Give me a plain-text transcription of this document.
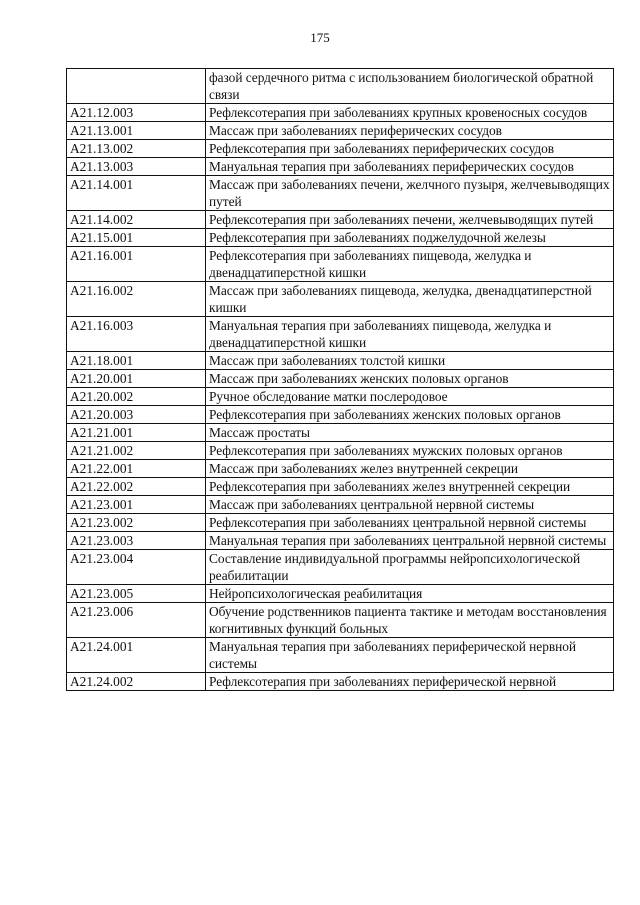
175
	фазой сердечного ритма с использованием биологической обратной связи
A21.12.003	Рефлексотерапия при заболеваниях крупных кровеносных сосудов
A21.13.001	Массаж при заболеваниях периферических сосудов
A21.13.002	Рефлексотерапия при заболеваниях периферических сосудов
A21.13.003	Мануальная терапия при заболеваниях периферических сосудов
A21.14.001	Массаж при заболеваниях печени, желчного пузыря, желчевыводящих путей
A21.14.002	Рефлексотерапия при заболеваниях печени, желчевыводящих путей
A21.15.001	Рефлексотерапия при заболеваниях поджелудочной железы
A21.16.001	Рефлексотерапия при заболеваниях пищевода, желудка и двенадцатиперстной кишки
A21.16.002	Массаж при заболеваниях пищевода, желудка, двенадцатиперстной кишки
A21.16.003	Мануальная терапия при заболеваниях пищевода, желудка и двенадцатиперстной кишки
A21.18.001	Массаж при заболеваниях толстой кишки
A21.20.001	Массаж при заболеваниях женских половых органов
A21.20.002	Ручное обследование матки послеродовое
A21.20.003	Рефлексотерапия при заболеваниях женских половых органов
A21.21.001	Массаж простаты
A21.21.002	Рефлексотерапия при заболеваниях мужских половых органов
A21.22.001	Массаж при заболеваниях желез внутренней секреции
A21.22.002	Рефлексотерапия при заболеваниях желез внутренней секреции
A21.23.001	Массаж при заболеваниях центральной нервной системы
A21.23.002	Рефлексотерапия при заболеваниях центральной нервной системы
A21.23.003	Мануальная терапия при заболеваниях центральной нервной системы
A21.23.004	Составление индивидуальной программы нейропсихологической реабилитации
A21.23.005	Нейропсихологическая реабилитация
A21.23.006	Обучение родственников пациента тактике и методам восстановления когнитивных функций больных
A21.24.001	Мануальная терапия при заболеваниях периферической нервной системы
A21.24.002	Рефлексотерапия при заболеваниях периферической нервной
